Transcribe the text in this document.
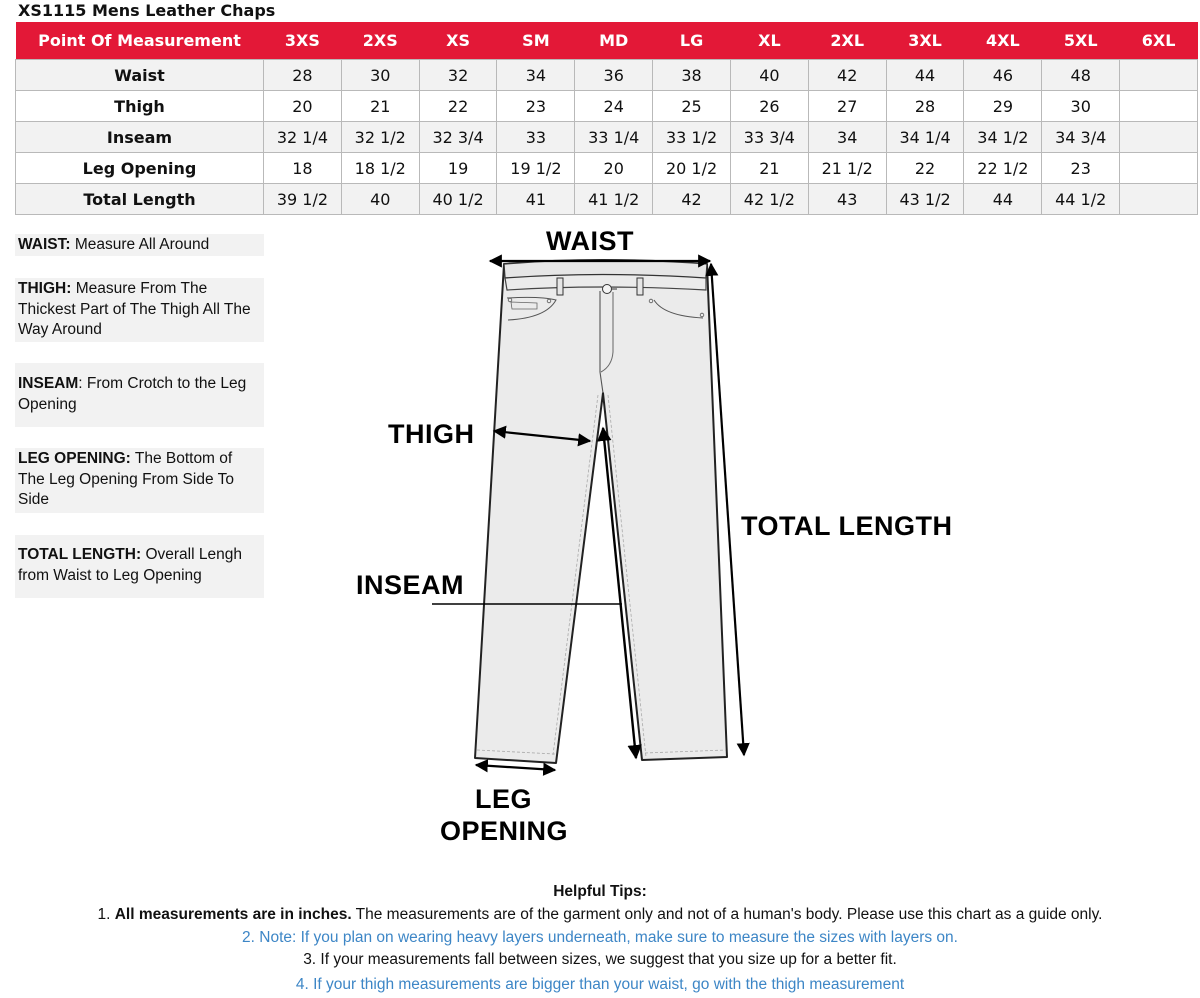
XS1115 Mens Leather Chaps
Point Of Measurement	3XS	2XS	XS	SM	MD	LG	XL	2XL	3XL	4XL	5XL	6XL
Waist	28	30	32	34	36	38	40	42	44	46	48	
Thigh	20	21	22	23	24	25	26	27	28	29	30	
Inseam	32 1/4	32 1/2	32 3/4	33	33 1/4	33 1/2	33 3/4	34	34 1/4	34 1/2	34 3/4	
Leg Opening	18	18 1/2	19	19 1/2	20	20 1/2	21	21 1/2	22	22 1/2	23	
Total Length	39 1/2	40	40 1/2	41	41 1/2	42	42 1/2	43	43 1/2	44	44 1/2	
WAIST: Measure All Around
THIGH: Measure From The Thickest Part of The Thigh All The Way Around
INSEAM: From Crotch to the Leg Opening
LEG OPENING: The Bottom of The Leg Opening From Side To Side
TOTAL LENGTH: Overall Lengh from Waist to Leg Opening
WAIST
THIGH
INSEAM
TOTAL LENGTH
LEG
OPENING
Helpful Tips:
1. All measurements are in inches. The measurements are of the garment only and not of a human's body. Please use this chart as a guide only.
2. Note: If you plan on wearing heavy layers underneath, make sure to measure the sizes with layers on.
3. If your measurements fall between sizes, we suggest that you size up for a better fit.
4. If your thigh measurements are bigger than your waist, go with the thigh measurement
